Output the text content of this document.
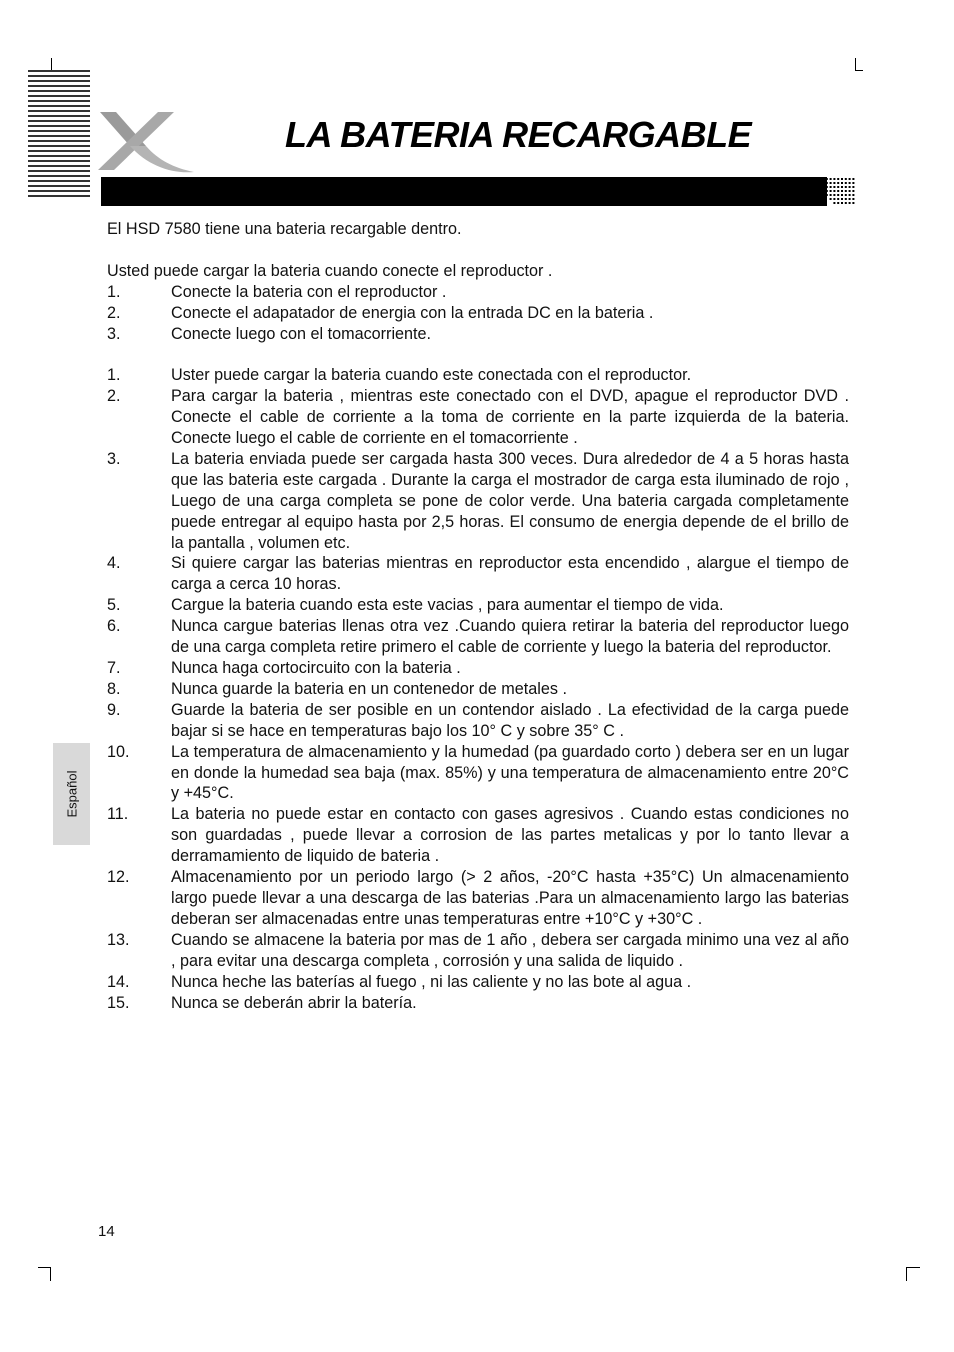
LA BATERIA RECARGABLE
Español

El HSD 7580 tiene una bateria recargable dentro.

Usted puede cargar la bateria cuando conecte el reproductor .

1.	Conecte la bateria con el reproductor .
2.	Conecte el adapatador de energia con la entrada DC en la bateria .
3.	Conecte luego con el tomacorriente.
1.	Uster puede cargar la bateria cuando este conectada con el reproductor.
2.	Para cargar la bateria , mientras este conectado con el DVD, apague el reproductor DVD . Conecte el cable de corriente a la toma de corriente en la parte izquierda de la bateria. Conecte luego el cable de corriente en el tomacorriente .
3.	La bateria enviada puede ser cargada hasta 300 veces. Dura alrededor de 4 a 5 horas hasta que las bateria este cargada . Durante la carga el mostrador de carga esta iluminado de rojo , Luego de una carga completa se pone de color verde. Una bateria cargada completamente puede entregar al equipo hasta por 2,5 horas. El consumo de energia depende de el brillo de la pantalla , volumen etc.
4.	Si quiere cargar las baterias mientras en reproductor esta encendido , alargue el tiempo de carga a cerca 10 horas.
5.	Cargue la bateria cuando esta este vacias , para aumentar el tiempo de vida.
6.	Nunca cargue baterias llenas otra vez .Cuando quiera retirar la bateria del reproductor luego de una carga completa retire primero el cable de corriente y luego la bateria del reproductor.
7.	Nunca haga cortocircuito con la bateria .
8.	Nunca guarde la bateria en un contenedor de metales .
9.	Guarde la bateria de ser posible en un contendor aislado . La efectividad de la carga puede bajar si se hace en temperaturas bajo los 10° C y sobre 35° C .
10.	La temperatura de almacenamiento y la humedad (pa guardado corto ) debera ser en un lugar en donde la humedad sea baja (max. 85%) y una temperatura de almacenamiento entre 20°C y +45°C.
11.	La bateria no puede estar en contacto con gases agresivos . Cuando estas condiciones no son guardadas , puede llevar a corrosion de las partes metalicas y por lo tanto llevar a derramamiento de liquido de bateria .
12.	Almacenamiento por un periodo largo (> 2 años, -20°C hasta +35°C) Un almacenamiento largo puede llevar a una descarga de las baterias .Para un almacenamiento largo las baterias deberan ser almacenadas entre unas temperaturas entre +10°C y +30°C .
13.	Cuando se almacene la bateria por mas de 1 año , debera ser cargada minimo una vez al año , para evitar una descarga completa , corrosión y una salida de liquido .
14.	Nunca heche las baterías al fuego , ni las caliente y no las bote al agua .
15.	Nunca se deberán abrir la batería.
14
